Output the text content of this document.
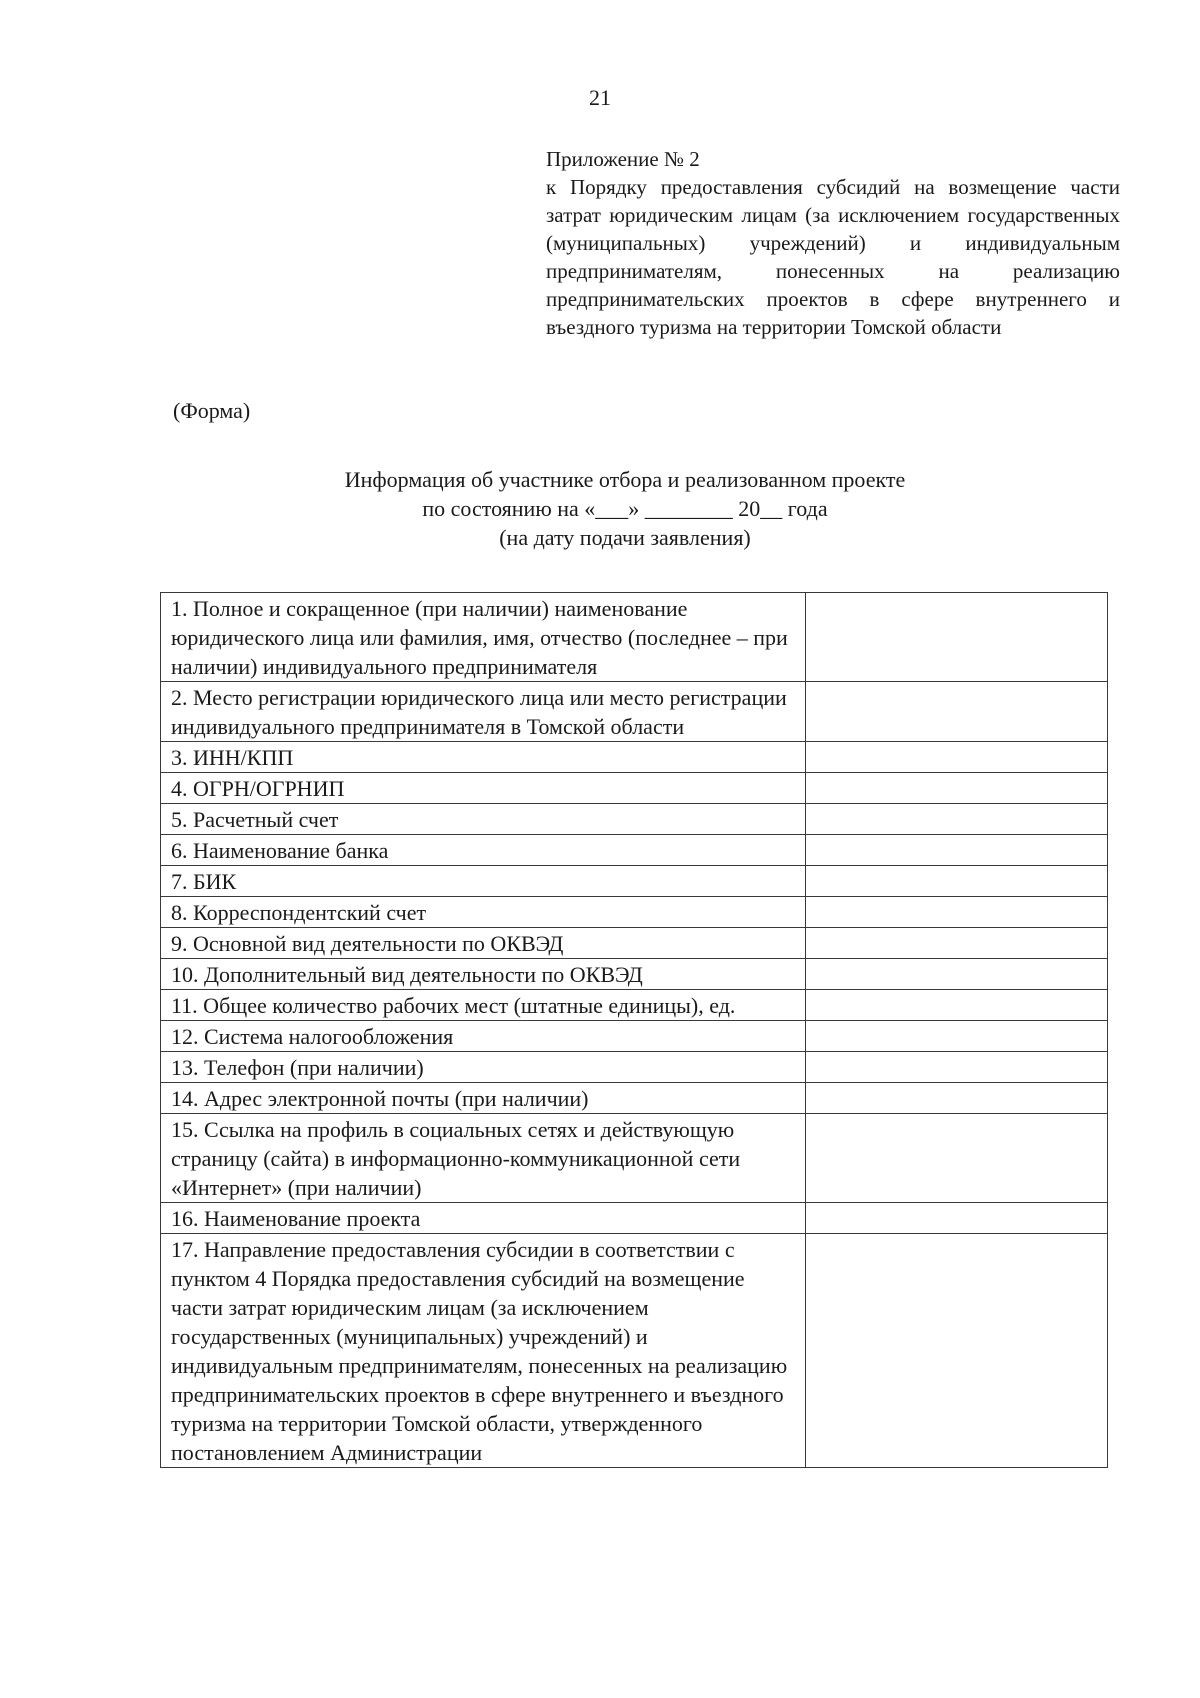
21
Приложение № 2
к Порядку предоставления субсидий на возмещение части затрат юридическим лицам (за исключением государственных (муниципальных) учреждений) и индивидуальным предпринимателям, понесенных на реализацию предпринимательских проектов в сфере внутреннего и въездного туризма на территории Томской области
(Форма)
Информация об участнике отбора и реализованном проекте
по состоянию на «___» ________ 20__ года
(на дату подачи заявления)
1. Полное и сокращенное (при наличии) наименование юридического лица или фамилия, имя, отчество (последнее – при наличии) индивидуального предпринимателя	
2. Место регистрации юридического лица или место регистрации индивидуального предпринимателя в Томской области	
3. ИНН/КПП	
4. ОГРН/ОГРНИП	
5. Расчетный счет	
6. Наименование банка	
7. БИК	
8. Корреспондентский счет	
9. Основной вид деятельности по ОКВЭД	
10. Дополнительный вид деятельности по ОКВЭД	
11. Общее количество рабочих мест (штатные единицы), ед.	
12. Система налогообложения	
13. Телефон (при наличии)	
14. Адрес электронной почты (при наличии)	
15. Ссылка на профиль в социальных сетях и действующую страницу (сайта) в информационно-коммуникационной сети «Интернет» (при наличии)	
16. Наименование проекта	
17. Направление предоставления субсидии в соответствии с пунктом 4 Порядка предоставления субсидий на возмещение части затрат юридическим лицам (за исключением государственных (муниципальных) учреждений) и индивидуальным предпринимателям, понесенных на реализацию предпринимательских проектов в сфере внутреннего и въездного туризма на территории Томской области, утвержденного постановлением Администрации	
